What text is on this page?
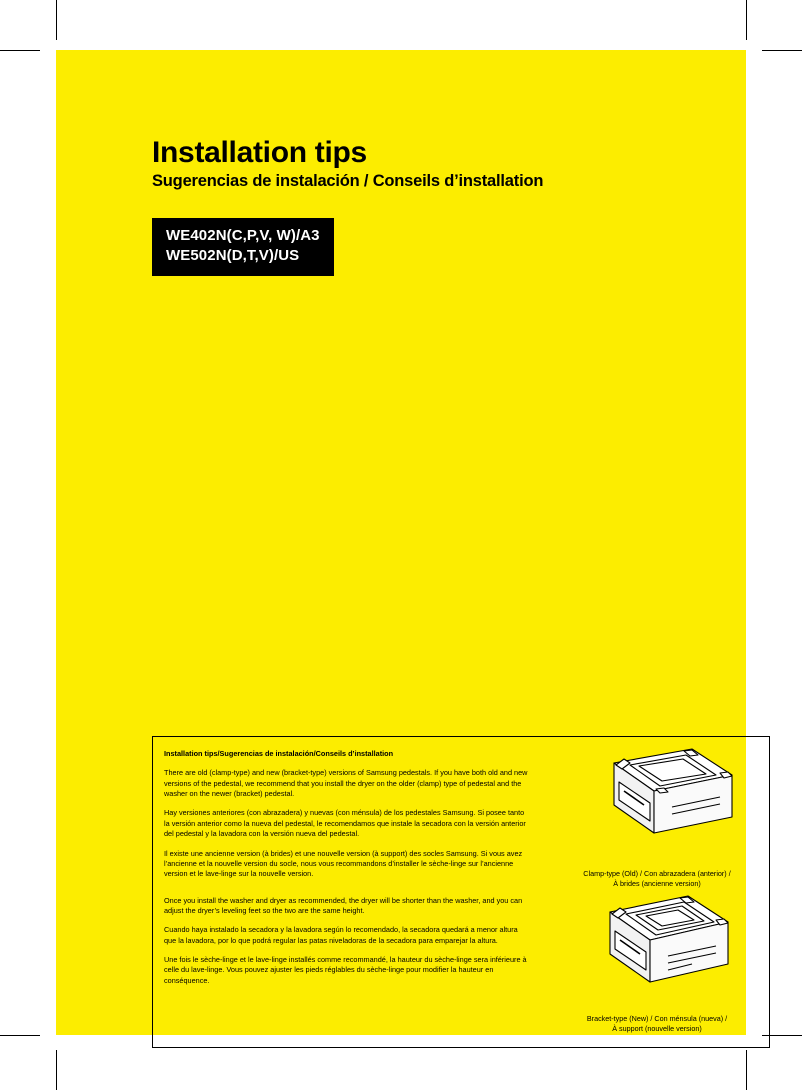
Installation tips
Sugerencias de instalación / Conseils d’installation
WE402N(C,P,V, W)/A3
WE502N(D,T,V)/US

Installation tips/Sugerencias de instalación/Conseils d’installation

There are old (clamp-type) and new (bracket-type) versions of Samsung pedestals. If you have both old and new versions of the pedestal, we recommend that you install the dryer on the older (clamp) type of pedestal and the washer on the newer (bracket) pedestal.

Hay versiones anteriores (con abrazadera) y nuevas (con ménsula) de los pedestales Samsung. Si posee tanto la versión anterior como la nueva del pedestal, le recomendamos que instale la secadora con la versión anterior del pedestal y la lavadora con la versión nueva del pedestal.

Il existe une ancienne version (à brides) et une nouvelle version (à support) des socles Samsung. Si vous avez l’ancienne et la nouvelle version du socle, nous vous recommandons d’installer le sèche-linge sur l’ancienne version et le lave-linge sur la nouvelle version.

Once you install the washer and dryer as recommended, the dryer will be shorter than the washer, and you can adjust the dryer’s leveling feet so the two are the same height.

Cuando haya instalado la secadora y la lavadora según lo recomendado, la secadora quedará a menor altura que la lavadora, por lo que podrá regular las patas niveladoras de la secadora para emparejar la altura.

Une fois le sèche-linge et le lave-linge installés comme recommandé, la hauteur du sèche-linge sera inférieure à celle du lave-linge. Vous pouvez ajuster les pieds réglables du sèche-linge pour modifier la hauteur en conséquence.

Clamp-type (Old) / Con abrazadera (anterior) /
À brides (ancienne version)
Bracket-type (New) / Con ménsula (nueva) /
À support (nouvelle version)
